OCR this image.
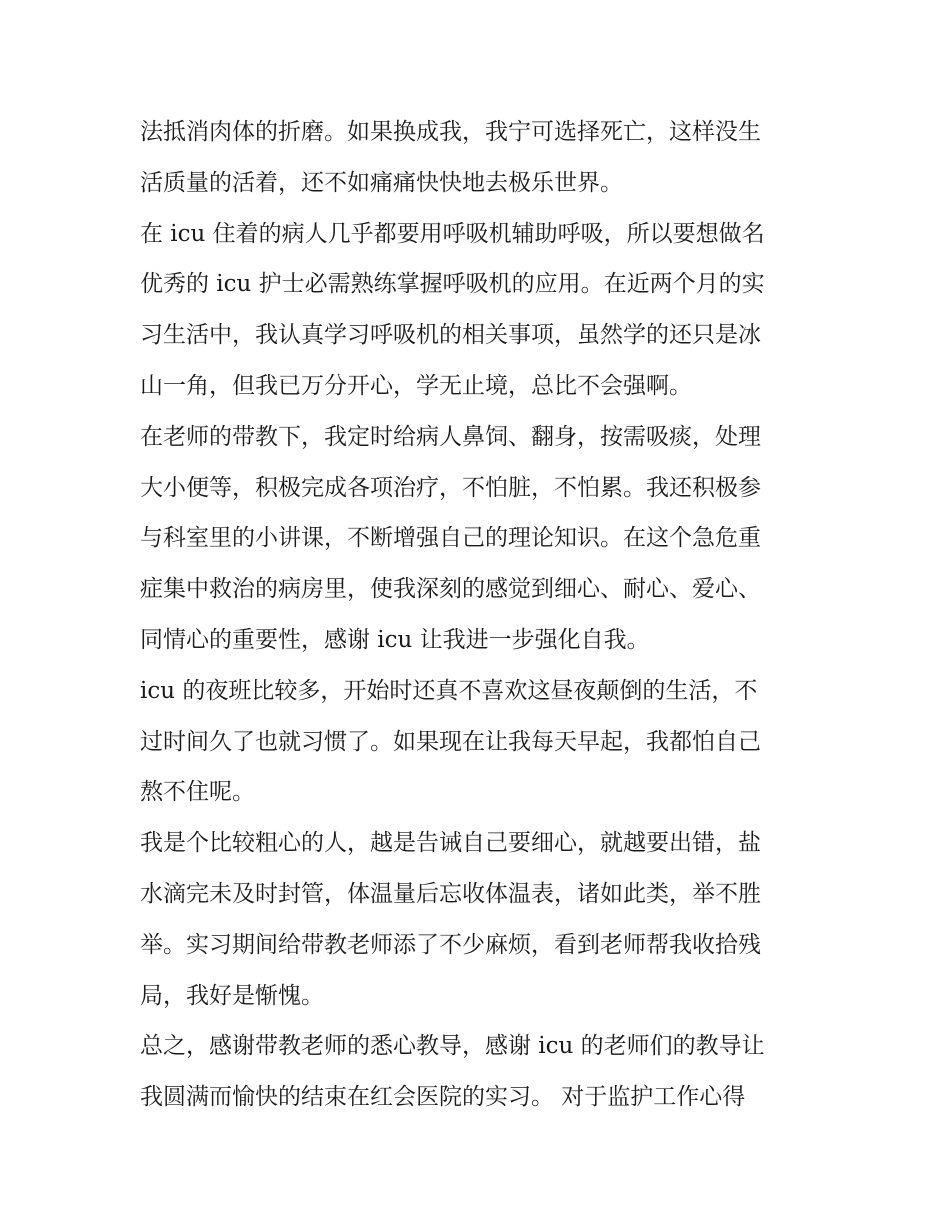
法抵消肉体的折磨。如果换成我，我宁可选择死亡，这样没生
活质量的活着，还不如痛痛快快地去极乐世界。
在 icu 住着的病人几乎都要用呼吸机辅助呼吸，所以要想做名
优秀的 icu 护士必需熟练掌握呼吸机的应用。在近两个月的实
习生活中，我认真学习呼吸机的相关事项，虽然学的还只是冰
山一角，但我已万分开心，学无止境，总比不会强啊。
在老师的带教下，我定时给病人鼻饲、翻身，按需吸痰，处理
大小便等，积极完成各项治疗，不怕脏，不怕累。我还积极参
与科室里的小讲课，不断增强自己的理论知识。在这个急危重
症集中救治的病房里，使我深刻的感觉到细心、耐心、爱心、
同情心的重要性，感谢 icu 让我进一步强化自我。
icu 的夜班比较多，开始时还真不喜欢这昼夜颠倒的生活，不
过时间久了也就习惯了。如果现在让我每天早起，我都怕自己
熬不住呢。
我是个比较粗心的人，越是告诫自己要细心，就越要出错，盐
水滴完未及时封管，体温量后忘收体温表，诸如此类，举不胜
举。实习期间给带教老师添了不少麻烦，看到老师帮我收拾残
局，我好是惭愧。
总之，感谢带教老师的悉心教导，感谢 icu 的老师们的教导让
我圆满而愉快的结束在红会医院的实习。 对于监护工作心得
